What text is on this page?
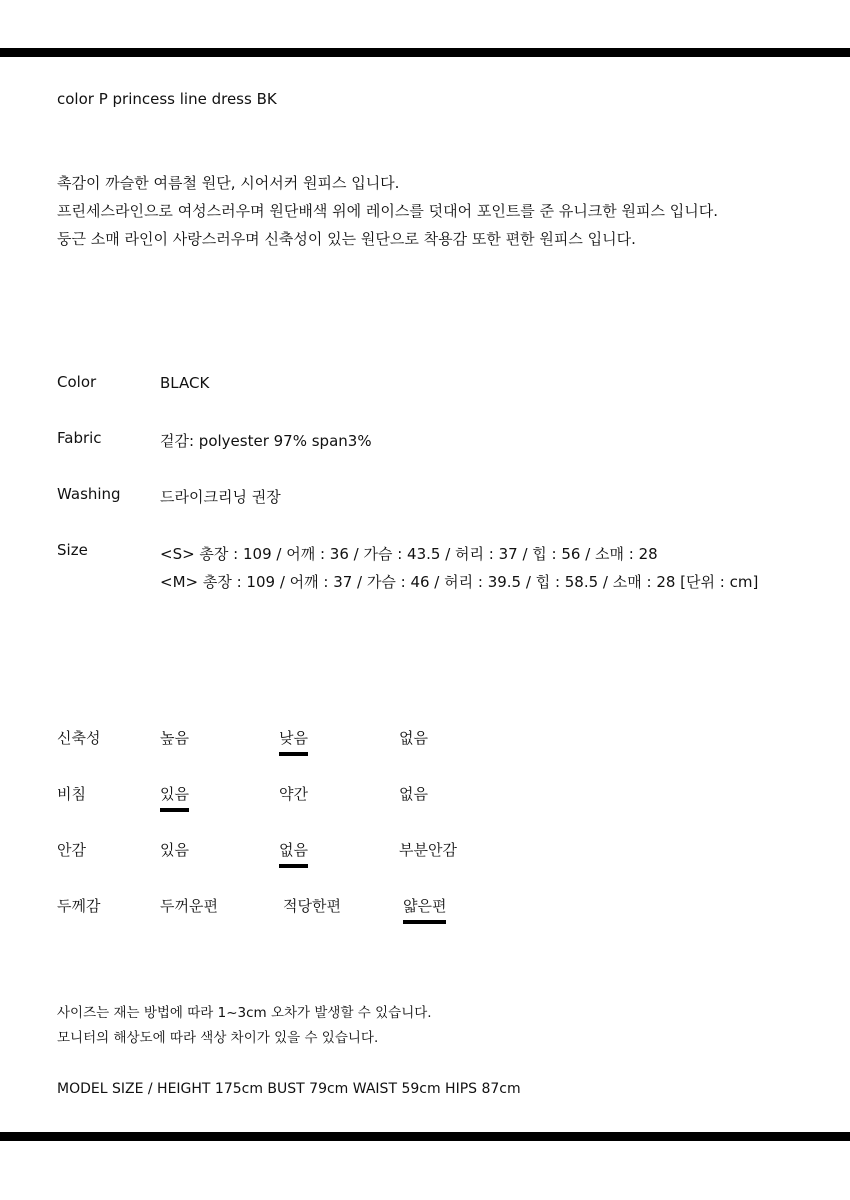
color P princess line dress BK
촉감이 까슬한 여름철 원단, 시어서커 원피스 입니다.
프린세스라인으로 여성스러우며 원단배색 위에 레이스를 덧대어 포인트를 준 유니크한 원피스 입니다.
둥근 소매 라인이 사랑스러우며 신축성이 있는 원단으로 착용감 또한 편한 원피스 입니다.
Color	BLACK
Fabric	겉감: polyester 97% span3%
Washing	드라이크리닝 권장
Size	<S> 총장 : 109 / 어깨 : 36 / 가슴 : 43.5 / 허리 : 37 / 힙 : 56 / 소매 : 28
<M> 총장 : 109 / 어깨 : 37 / 가슴 : 46 / 허리 : 39.5 / 힙 : 58.5 / 소매 : 28 [단위 : cm]
신축성	높음	낮음	없음
비침	있음	약간	없음
안감	있음	없음	부분안감
두께감	두꺼운편	적당한편	얇은편
사이즈는 재는 방법에 따라 1~3cm 오차가 발생할 수 있습니다.
모니터의 해상도에 따라 색상 차이가 있을 수 있습니다.
MODEL SIZE / HEIGHT 175cm BUST 79cm WAIST 59cm HIPS 87cm
